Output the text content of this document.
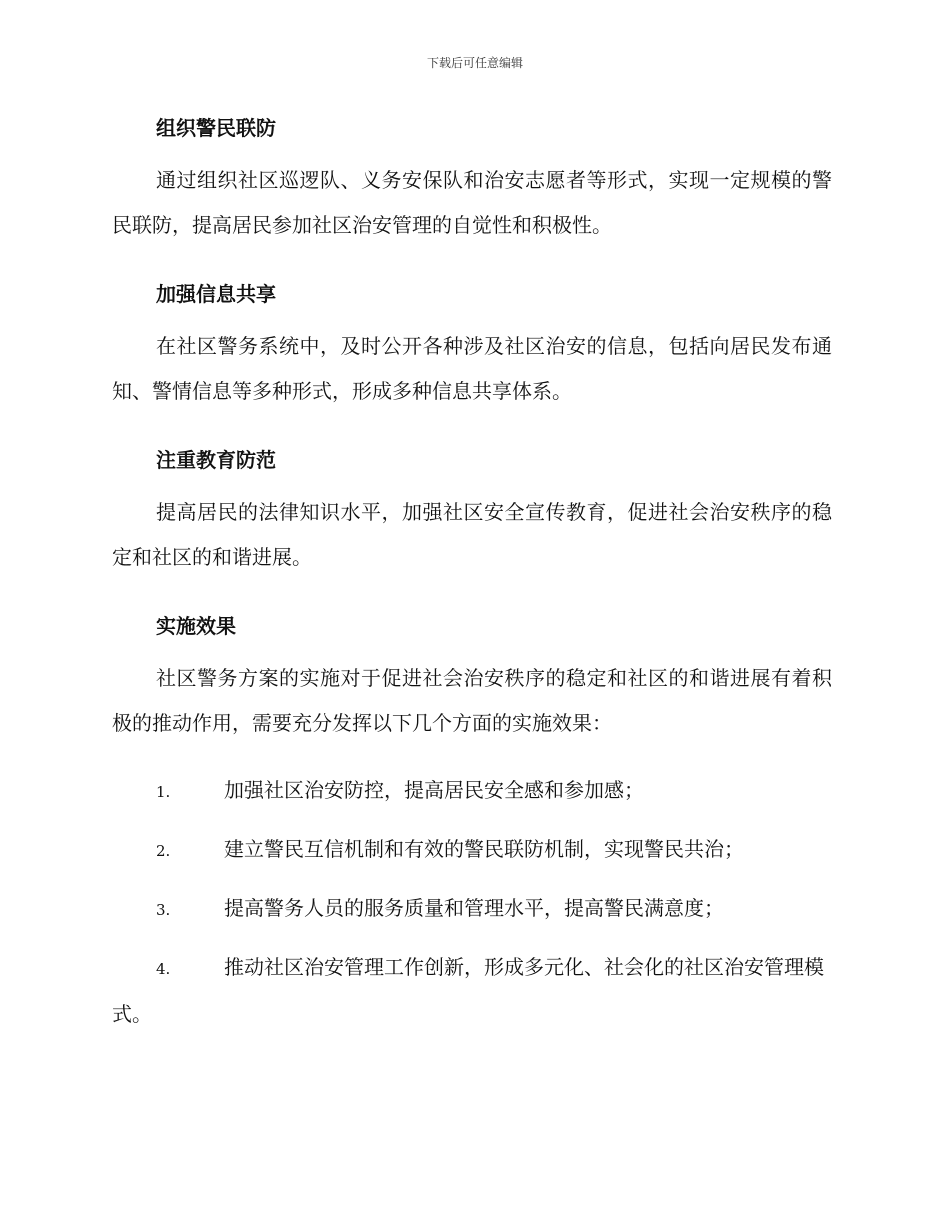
下载后可任意编辑
组织警民联防

通过组织社区巡逻队、义务安保队和治安志愿者等形式，实现一定规模的警民联防，提高居民参加社区治安管理的自觉性和积极性。

加强信息共享

在社区警务系统中，及时公开各种涉及社区治安的信息，包括向居民发布通知、警情信息等多种形式，形成多种信息共享体系。

注重教育防范

提高居民的法律知识水平，加强社区安全宣传教育，促进社会治安秩序的稳定和社区的和谐进展。

实施效果

社区警务方案的实施对于促进社会治安秩序的稳定和社区的和谐进展有着积极的推动作用，需要充分发挥以下几个方面的实施效果：

1.	加强社区治安防控，提高居民安全感和参加感；
2.	建立警民互信机制和有效的警民联防机制，实现警民共治；
3.	提高警务人员的服务质量和管理水平，提高警民满意度；
4.	推动社区治安管理工作创新，形成多元化、社会化的社区治安管理模式。
